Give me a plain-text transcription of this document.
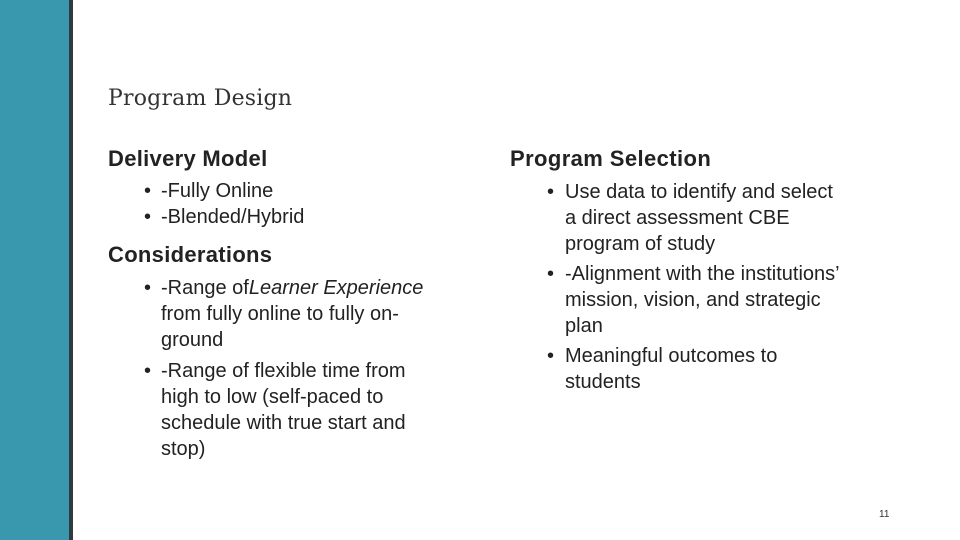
Program Design
Delivery Model
• -Fully Online
• -Blended/Hybrid
Considerations
• -Range ofLearner Experience
from fully online to fully on-
ground
• -Range of flexible time from
high to low (self-paced to
schedule with true start and
stop)
Program Selection
• Use data to identify and select
a direct assessment CBE
program of study
• -Alignment with the institutions’
mission, vision, and strategic
plan
• Meaningful outcomes to
students
11
